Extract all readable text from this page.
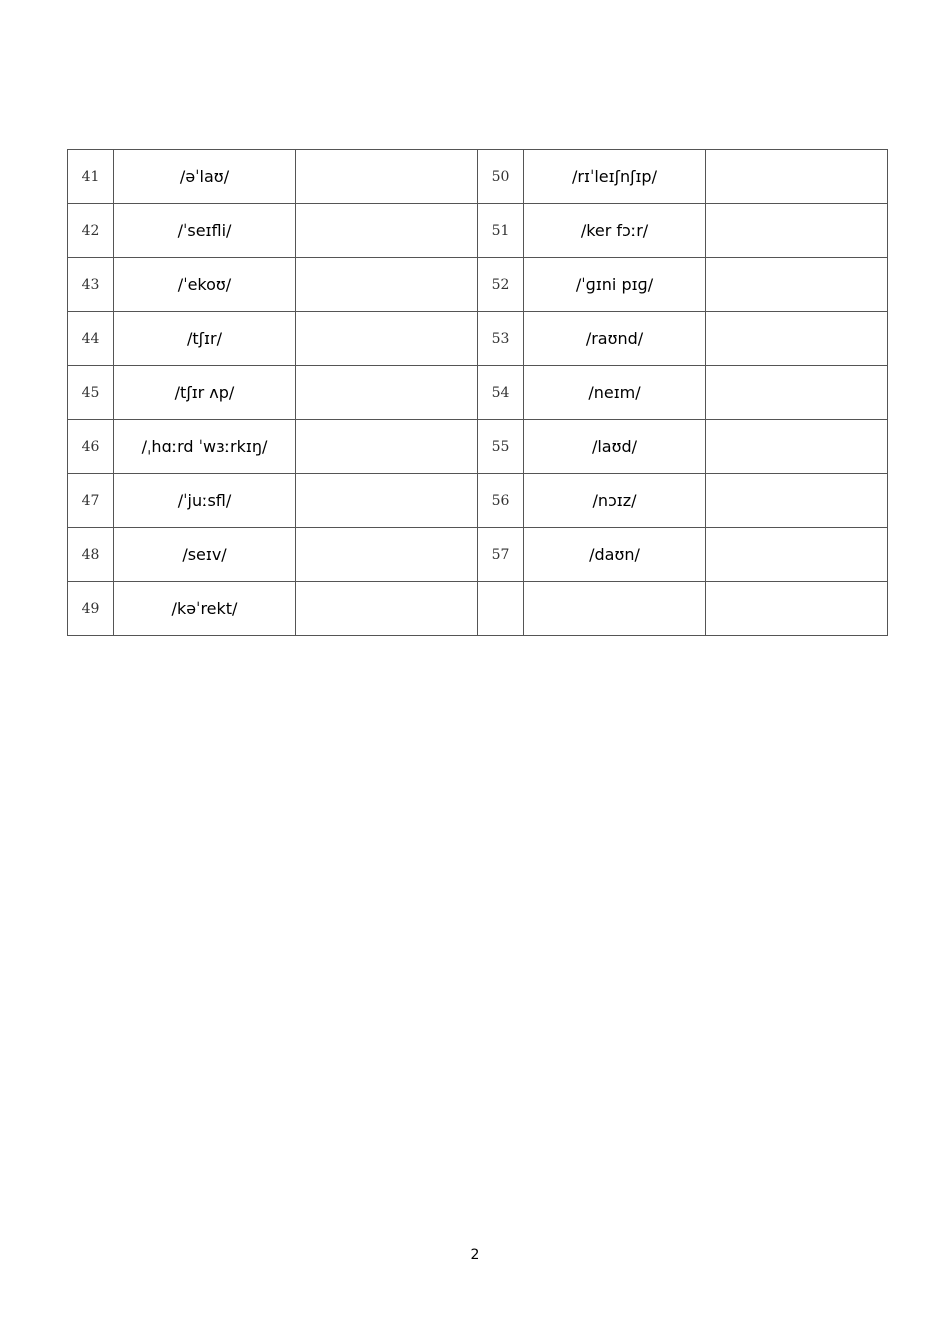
41	/əˈlaʊ/		50	/rɪˈleɪʃnʃɪp/	
42	/ˈseɪfli/		51	/ker fɔːr/	
43	/ˈekoʊ/		52	/ˈɡɪni pɪɡ/	
44	/tʃɪr/		53	/raʊnd/	
45	/tʃɪr ʌp/		54	/neɪm/	
46	/ˌhɑːrd ˈwɜːrkɪŋ/		55	/laʊd/	
47	/ˈjuːsfl/		56	/nɔɪz/	
48	/seɪv/		57	/daʊn/	
49	/kəˈrekt/				
2
